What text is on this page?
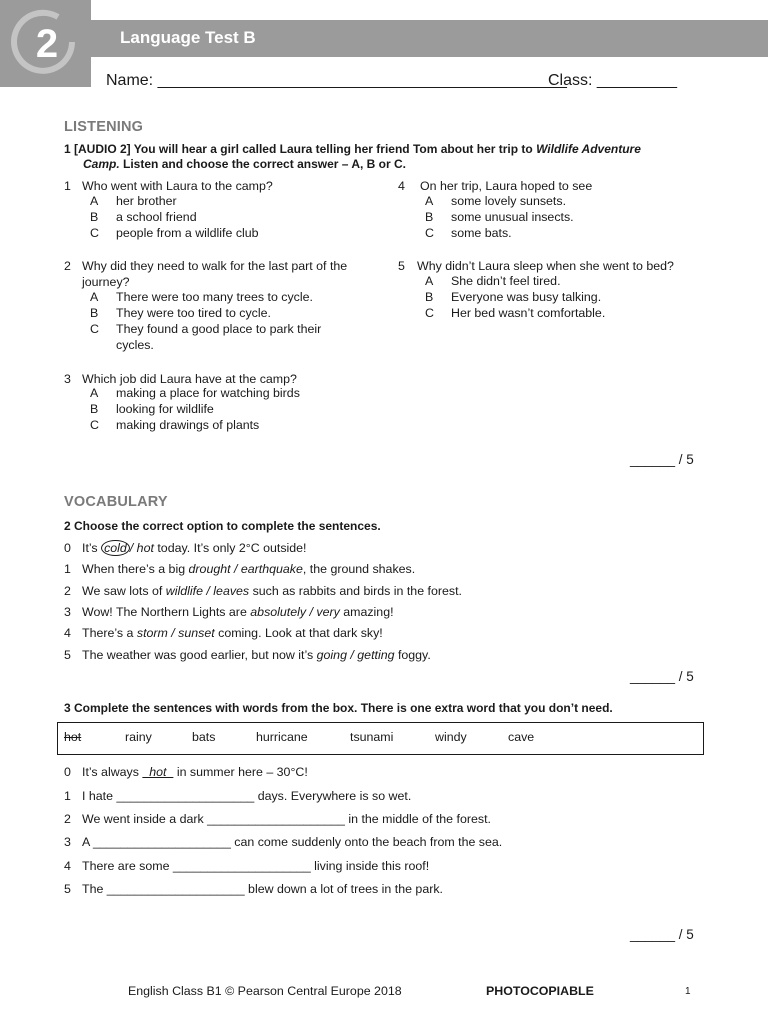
2	Language Test B
Name: ______________________________________________
Class: _________
LISTENING
1 [AUDIO 2] You will hear a girl called Laura telling her friend Tom about her trip to Wildlife Adventure
Camp. Listen and choose the correct answer – A, B or C.
1 Who went with Laura to the camp?
A her brother
B a school friend
C people from a wildlife club
2 Why did they need to walk for the last part of the
journey?
A There were too many trees to cycle.
B They were too tired to cycle.
C They found a good place to park their
cycles.
3 Which job did Laura have at the camp?
A making a place for watching birds
B looking for wildlife
C making drawings of plants
4 On her trip, Laura hoped to see
A some lovely sunsets.
B some unusual insects.
C some bats.
5 Why didn’t Laura sleep when she went to bed?
A She didn’t feel tired.
B Everyone was busy talking.
C Her bed wasn’t comfortable.
______ / 5
VOCABULARY
2 Choose the correct option to complete the sentences.
0 It’s cold / hot today. It’s only 2°C outside!
1 When there’s a big drought / earthquake, the ground shakes.
2 We saw lots of wildlife / leaves such as rabbits and birds in the forest.
3 Wow! The Northern Lights are absolutely / very amazing!
4 There’s a storm / sunset coming. Look at that dark sky!
5 The weather was good earlier, but now it’s going / getting foggy.
______ / 5
3 Complete the sentences with words from the box. There is one extra word that you don’t need.
hot	rainy	bats	hurricane	tsunami	windy	cave
0 It’s always   hot   in summer here – 30°C!
1 I hate ____________________ days. Everywhere is so wet.
2 We went inside a dark ____________________ in the middle of the forest.
3 A ____________________ can come suddenly onto the beach from the sea.
4 There are some ____________________ living inside this roof!
5 The ____________________ blew down a lot of trees in the park.
______ / 5
English Class B1 © Pearson Central Europe 2018	PHOTOCOPIABLE	1
